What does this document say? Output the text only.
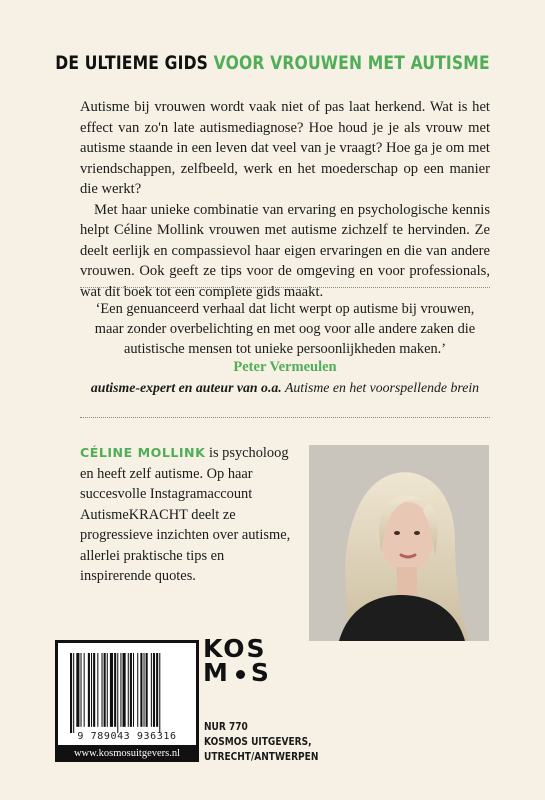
DE ULTIEME GIDS VOOR VROUWEN MET AUTISME

Autisme bij vrouwen wordt vaak niet of pas laat herkend. Wat is het effect van zo'n late autismediagnose? Hoe houd je je als vrouw met autisme staande in een leven dat veel van je vraagt? Hoe ga je om met vriendschappen, zelfbeeld, werk en het moederschap op een manier die werkt?

Met haar unieke combinatie van ervaring en psychologische kennis helpt Céline Mollink vrouwen met autisme zichzelf te hervinden. Ze deelt eerlijk en compassievol haar eigen ervaringen en die van andere vrouwen. Ook geeft ze tips voor de omgeving en voor professionals, wat dit boek tot een complete gids maakt.

‘Een genuanceerd verhaal dat licht werpt op autisme bij vrouwen, maar zonder overbelichting en met oog voor alle andere zaken die autistische mensen tot unieke persoonlijkheden maken.’
Peter Vermeulen
autisme-expert en auteur van o.a. Autisme en het voorspellende brein
CÉLINE MOLLINK is psycholoog en heeft zelf autisme. Op haar succesvolle Instagramaccount AutismeKRACHT deelt ze progressieve inzichten over autisme, allerlei praktische tips en inspirerende quotes.
KOS
M S
9 789043 936316
www.kosmosuitgevers.nl
NUR 770
KOSMOS UITGEVERS,
UTRECHT/ANTWERPEN
